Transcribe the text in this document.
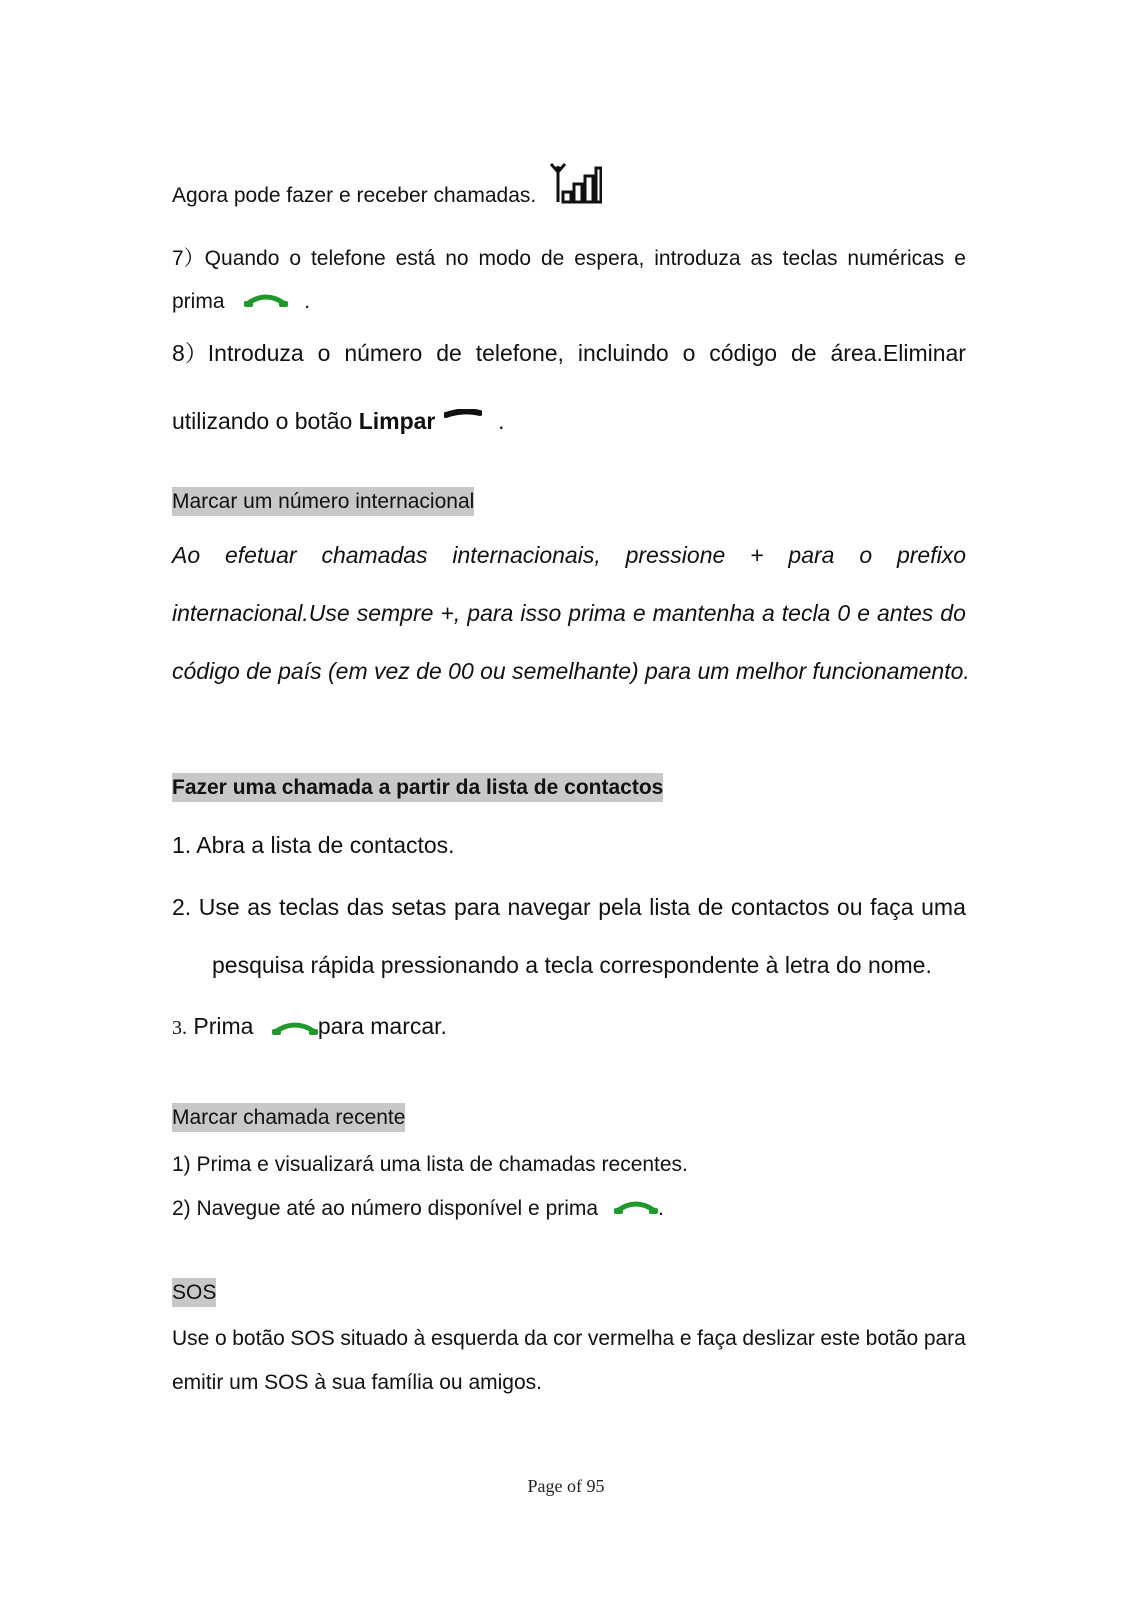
Agora pode fazer e receber chamadas.
7）Quando o telefone está no modo de espera, introduza as teclas numéricas e
prima	.
8）Introduza o número de telefone, incluindo o código de área.Eliminar
utilizando o botão Limpar	.
Marcar um número internacional
Ao efetuar chamadas internacionais, pressione + para o prefixo
internacional.Use sempre +, para isso prima e mantenha a tecla 0 e antes do
código de país (em vez de 00 ou semelhante) para um melhor funcionamento.
Fazer uma chamada a partir da lista de contactos
1. Abra a lista de contactos.
2. Use as teclas das setas para navegar pela lista de contactos ou faça uma
pesquisa rápida pressionando a tecla correspondente à letra do nome.
3. Prima	para marcar.
Marcar chamada recente
1) Prima e visualizará uma lista de chamadas recentes.
2) Navegue até ao número disponível e prima	.
SOS
Use o botão SOS situado à esquerda da cor vermelha e faça deslizar este botão para
emitir um SOS à sua família ou amigos.
Page of 95
